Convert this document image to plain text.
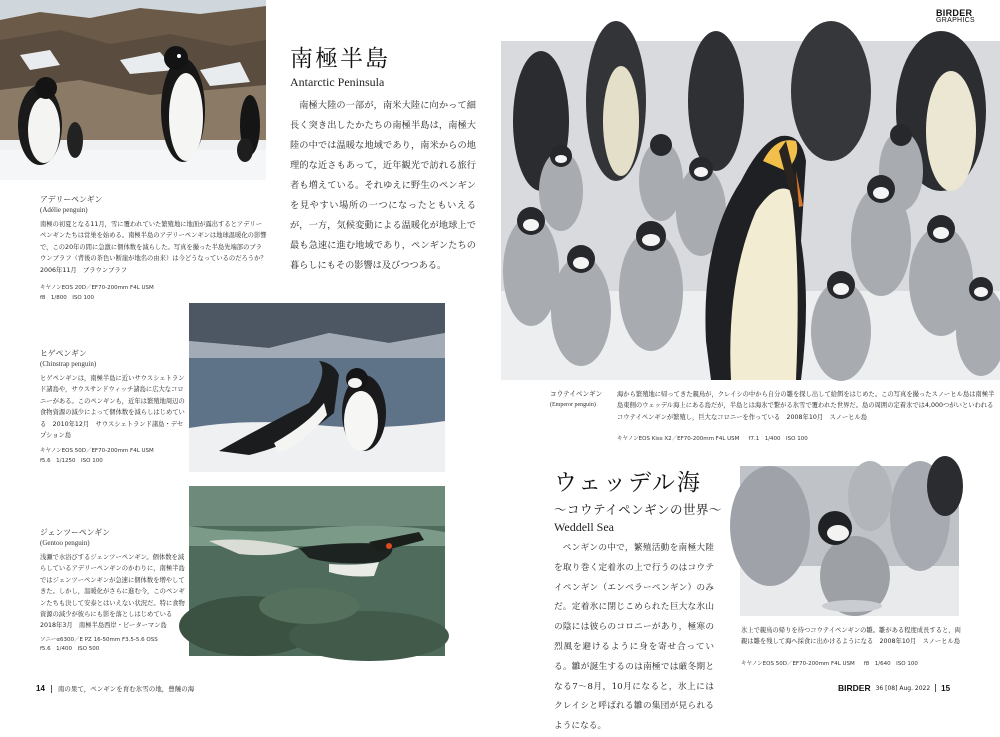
アデリーペンギン
(Adélie penguin)
南極の初夏となる11月，雪に覆われていた繁殖地に地面が露出するとアデリーペンギンたちは営巣を始める。南極半島のアデリーペンギンは地球温暖化の影響で，この20年の間に急激に個体数を減らした。写真を撮った半島先端部のブラウンブラフ（背後の茶色い断崖が地名の由来）は今どうなっているのだろうか？　2006年11月　ブラウンブラフ
キヤノンEOS 20D／EF70-200mm F4L USM
f8　1/800　ISO 100
南極半島
Antarctic Peninsula
南極大陸の一部が，南米大陸に向かって細長く突き出したかたちの南極半島は，南極大陸の中では温暖な地域であり，南米からの地理的な近さもあって，近年観光で訪れる旅行者も増えている。それゆえに野生のペンギンを見やすい場所の一つになったともいえるが，一方，気候変動による温暖化が地球上で最も急速に進む地域であり，ペンギンたちの暮らしにもその影響は及びつつある。
ヒゲペンギン
(Chinstrap penguin)
ヒゲペンギンは，南極半島に近いサウスシェトランド諸島や，サウスサンドウィッチ諸島に広大なコロニーがある。このペンギンも，近年は繁殖地周辺の食物資源の減少によって個体数を減らしはじめている　2010年12月　サウスシェトランド諸島・デセプション島
キヤノンEOS 50D／EF70-200mm F4L USM
f5.6　1/1250　ISO 100
ジェンツーペンギン
(Gentoo penguin)
浅瀬で水浴びするジェンツーペンギン。個体数を減らしているアデリーペンギンのかわりに，南極半島ではジェンツーペンギンが急速に個体数を増やしてきた。しかし，温暖化がさらに進む今，このペンギンたちも決して安泰とはいえない状況だ。特に食物資源の減少が彼らにも影を落としはじめている　2018年3月　南極半島西岸・ピーターマン島
ソニーα6300／E PZ 16-50mm F3.5-5.6 OSS
f5.6　1/400　ISO 500
14 南の果て，ペンギンを育む氷雪の地，豊饒の海
BIRDER
GRAPHICS
コウテイペンギン
(Emperor penguin)
海から繁殖地に帰ってきた親鳥が，クレイシの中から自分の雛を探し出して給餌をはじめた。この写真を撮ったスノーヒル島は南極半島東側のウェッデル海上にある島だが，半島とは海氷で繋がる氷雪で覆われた世界だ。島の周囲の定着氷では4,000つがいといわれるコウテイペンギンが繁殖し，巨大なコロニーを作っている　2008年10月　スノーヒル島
キヤノンEOS Kiss X2／EF70-200mm F4L USM f7.1　1/400　ISO 100
ウェッデル海
〜コウテイペンギンの世界〜
Weddell Sea
ペンギンの中で，繁殖活動を南極大陸を取り巻く定着氷の上で行うのはコウテイペンギン（エンペラーペンギン）のみだ。定着氷に閉じこめられた巨大な氷山の陰には彼らのコロニーがあり，極寒の烈風を避けるように身を寄せ合っている。雛が誕生するのは南極では厳冬期となる7〜8月，10月になると，氷上にはクレイシと呼ばれる雛の集団が見られるようになる。
氷上で親鳥の帰りを待つコウテイペンギンの雛。雛がある程度成長すると，両親は雛を残して海へ採食に出かけるようになる　2008年10月　スノーヒル島
キヤノンEOS 50D／EF70-200mm F4L USM f8　1/640　ISO 100
BIRDER 36 [08] Aug. 2022 15
